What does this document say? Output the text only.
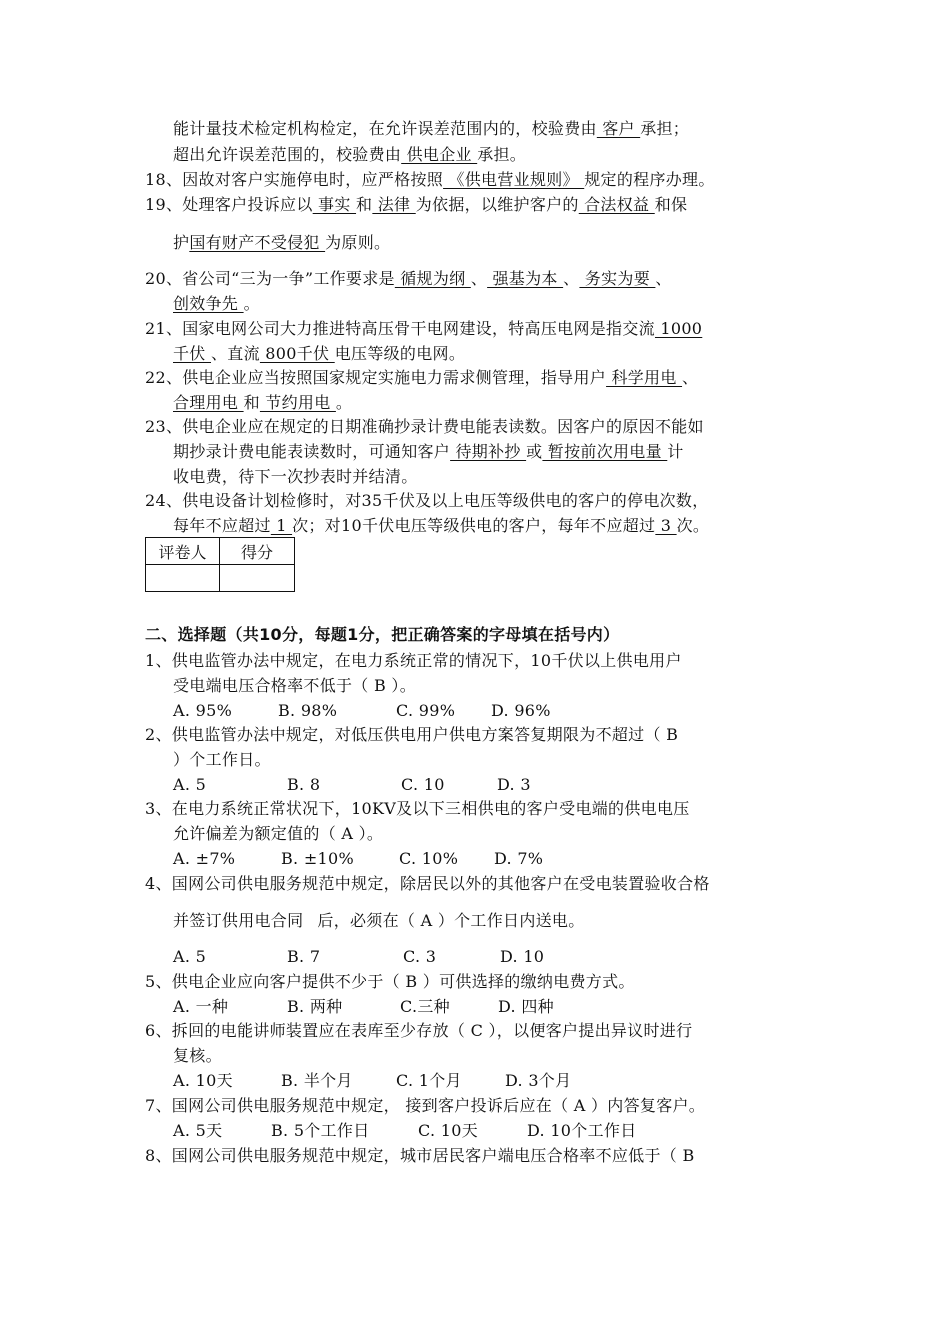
能计量技术检定机构检定，在允许误差范围内的，校验费由 客户 承担；
超出允许误差范围的，校验费由 供电企业 承担。
18、因故对客户实施停电时，应严格按照 《供电营业规则》 规定的程序办理。
19、处理客户投诉应以 事实 和 法律 为依据，以维护客户的 合法权益 和保
护国有财产不受侵犯 为原则。
20、省公司“三为一争”工作要求是 循规为纲 、 强基为本 、 务实为要 、
创效争先 。
21、国家电网公司大力推进特高压骨干电网建设，特高压电网是指交流 1000
千伏 、直流 800千伏 电压等级的电网。
22、供电企业应当按照国家规定实施电力需求侧管理，指导用户 科学用电 、
合理用电 和 节约用电 。
23、供电企业应在规定的日期准确抄录计费电能表读数。因客户的原因不能如
期抄录计费电能表读数时，可通知客户 待期补抄 或 暂按前次用电量 计
收电费，待下一次抄表时并结清。
24、供电设备计划检修时，对35千伏及以上电压等级供电的客户的停电次数，
每年不应超过 1 次；对10千伏电压等级供电的客户，每年不应超过 3 次。
评卷人	得分

二、选择题（共10分，每题1分，把正确答案的字母填在括号内）
1、供电监管办法中规定，在电力系统正常的情况下，10千伏以上供电用户
受电端电压合格率不低于（ B ）。
A. 95%	B. 98%	C. 99% D. 96%
2、供电监管办法中规定，对低压供电用户供电方案答复期限为不超过（ B
）个工作日。
A. 5	B. 8	C. 10	D. 3
3、在电力系统正常状况下，10KV及以下三相供电的客户受电端的供电电压
允许偏差为额定值的（ A ）。
A. ±7%	B. ±10%	C. 10% D. 7%
4、国网公司供电服务规范中规定，除居民以外的其他客户在受电装置验收合格
并签订供用电合同 后，必须在（ A ）个工作日内送电。
A. 5	B. 7	C. 3	D. 10
5、供电企业应向客户提供不少于（ B ）可供选择的缴纳电费方式。
A. 一种	B. 两种	C.三种	D. 四种
6、拆回的电能讲师装置应在表库至少存放（ C ），以便客户提出异议时进行
复核。
A. 10天	B. 半个月	C. 1个月	D. 3个月
7、国网公司供电服务规范中规定， 接到客户投诉后应在（ A ）内答复客户。
A. 5天	B. 5个工作日	C. 10天	D. 10个工作日
8、国网公司供电服务规范中规定，城市居民客户端电压合格率不应低于（ B
